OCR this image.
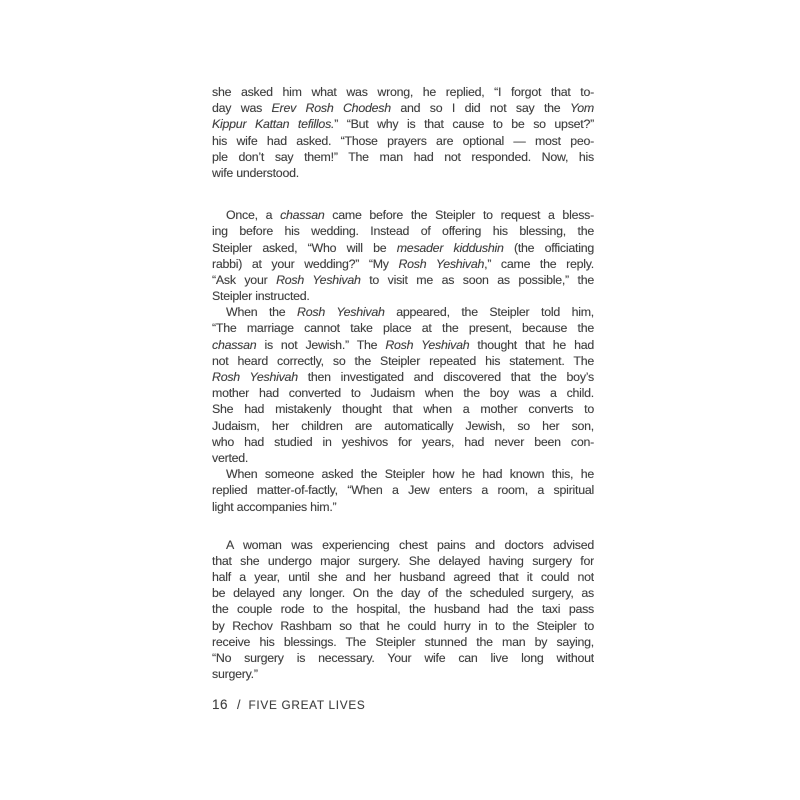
she asked him what was wrong, he replied, “I forgot that to-
day was Erev Rosh Chodesh and so I did not say the Yom
Kippur Kattan tefillos.” “But why is that cause to be so upset?”
his wife had asked. “Those prayers are optional — most peo-
ple don’t say them!” The man had not responded. Now, his
wife understood.
Once, a chassan came before the Steipler to request a bless-
ing before his wedding. Instead of offering his blessing, the
Steipler asked, “Who will be mesader kiddushin (the officiating
rabbi) at your wedding?” “My Rosh Yeshivah,” came the reply.
“Ask your Rosh Yeshivah to visit me as soon as possible,” the
Steipler instructed.
When the Rosh Yeshivah appeared, the Steipler told him,
“The marriage cannot take place at the present, because the
chassan is not Jewish.” The Rosh Yeshivah thought that he had
not heard correctly, so the Steipler repeated his statement. The
Rosh Yeshivah then investigated and discovered that the boy’s
mother had converted to Judaism when the boy was a child.
She had mistakenly thought that when a mother converts to
Judaism, her children are automatically Jewish, so her son,
who had studied in yeshivos for years, had never been con-
verted.
When someone asked the Steipler how he had known this, he
replied matter-of-factly, “When a Jew enters a room, a spiritual
light accompanies him.”
A woman was experiencing chest pains and doctors advised
that she undergo major surgery. She delayed having surgery for
half a year, until she and her husband agreed that it could not
be delayed any longer. On the day of the scheduled surgery, as
the couple rode to the hospital, the husband had the taxi pass
by Rechov Rashbam so that he could hurry in to the Steipler to
receive his blessings. The Steipler stunned the man by saying,
“No surgery is necessary. Your wife can live long without
surgery.”
16 / FIVE GREAT LIVES
